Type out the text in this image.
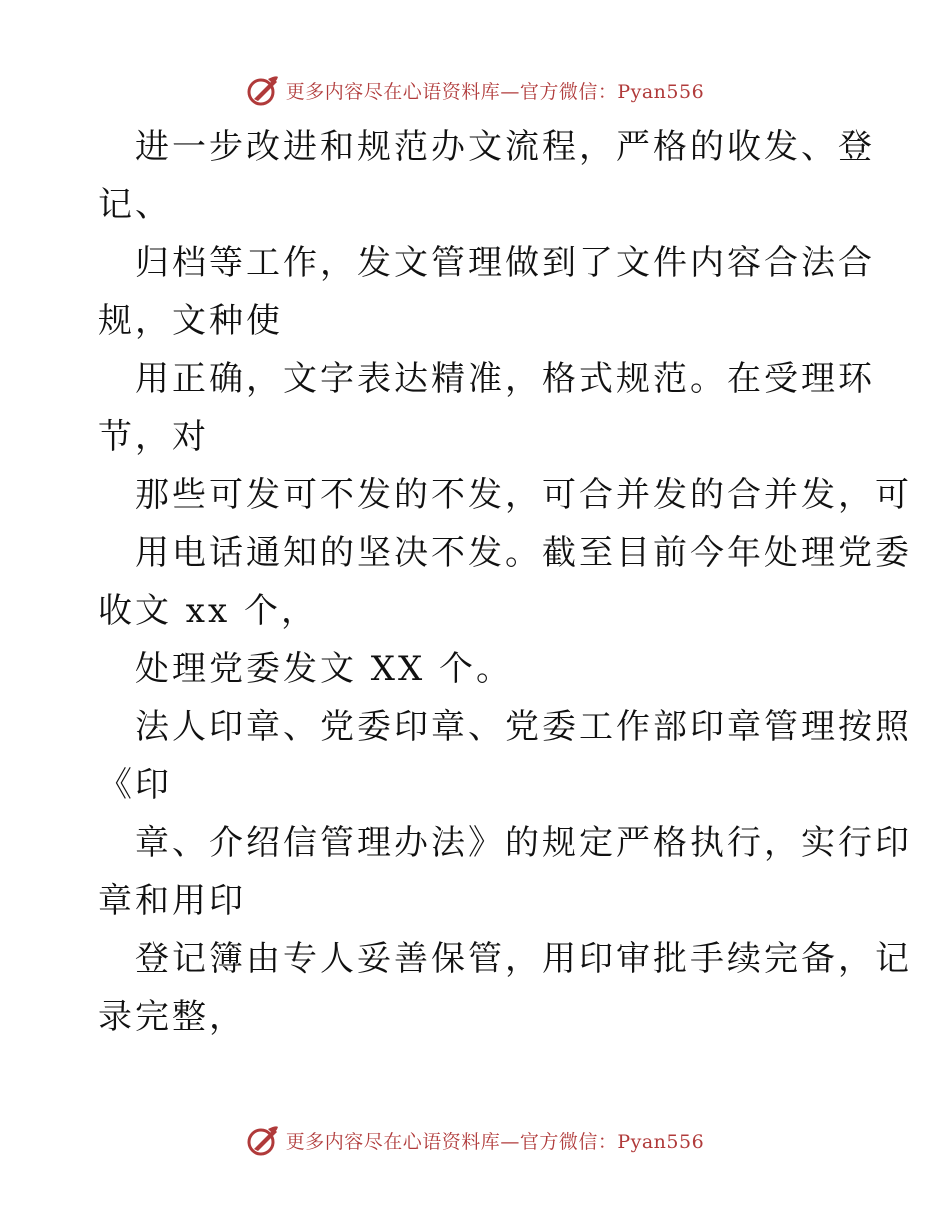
更多内容尽在心语资料库—官方微信：Pyan556
进一步改进和规范办文流程，严格的收发、登
记、
归档等工作，发文管理做到了文件内容合法合
规，文种使
用正确，文字表达精准，格式规范。在受理环
节，对
那些可发可不发的不发，可合并发的合并发，可
用电话通知的坚决不发。截至目前今年处理党委
收文 xx 个，
处理党委发文 XX 个。
法人印章、党委印章、党委工作部印章管理按照
《印
章、介绍信管理办法》的规定严格执行，实行印
章和用印
登记簿由专人妥善保管，用印审批手续完备，记
录完整，
更多内容尽在心语资料库—官方微信：Pyan556
